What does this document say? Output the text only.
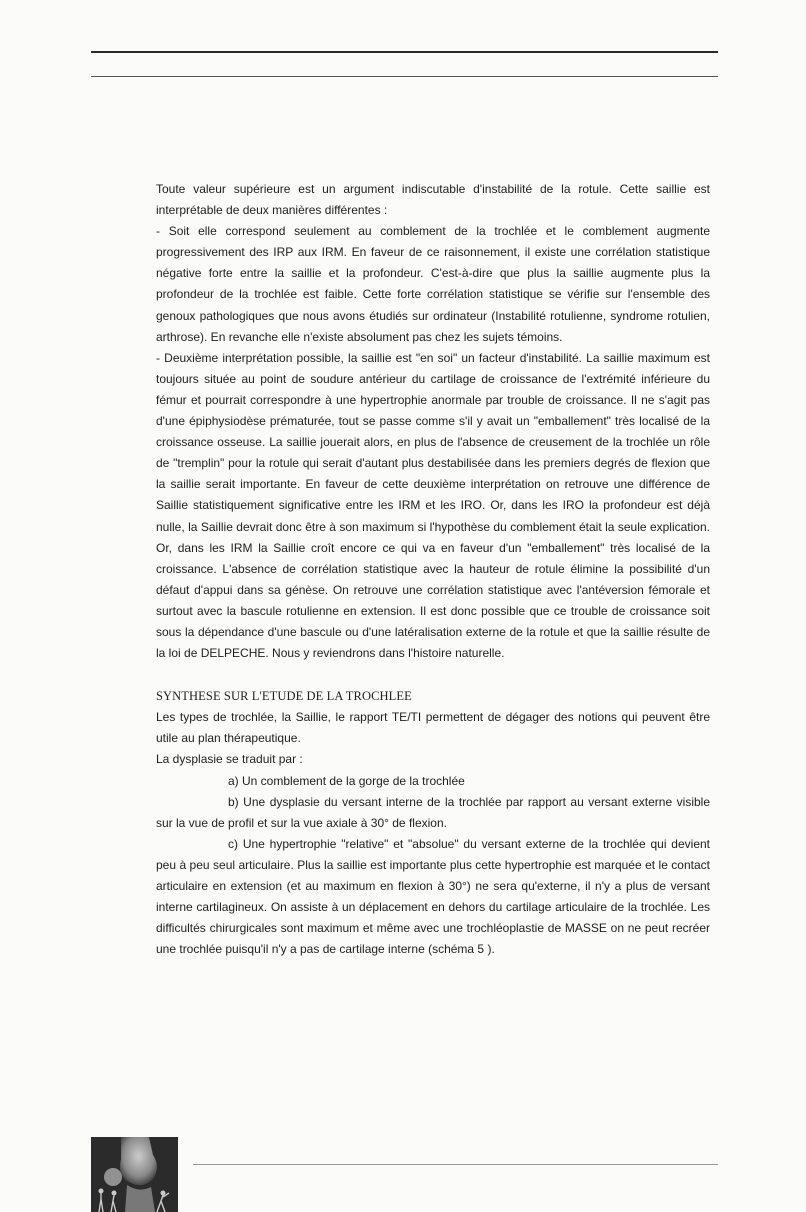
Toute valeur supérieure est un argument indiscutable d'instabilité de la rotule. Cette saillie est interprétable de deux manières différentes :

- Soit elle correspond seulement au comblement de la trochlée et le comblement augmente progressivement des IRP aux IRM. En faveur de ce raisonnement, il existe une corrélation statistique négative forte entre la saillie et la profondeur. C'est-à-dire que plus la saillie augmente plus la profondeur de la trochlée est faible. Cette forte corrélation statistique se vérifie sur l'ensemble des genoux pathologiques que nous avons étudiés sur ordinateur (Instabilité rotulienne, syndrome rotulien, arthrose). En revanche elle n'existe absolument pas chez les sujets témoins.

- Deuxième interprétation possible, la saillie est "en soi" un facteur d'instabilité. La saillie maximum est toujours située au point de soudure antérieur du cartilage de croissance de l'extrémité inférieure du fémur et pourrait correspondre à une hypertrophie anormale par trouble de croissance. Il ne s'agit pas d'une épiphysiodèse prématurée, tout se passe comme s'il y avait un "emballement" très localisé de la croissance osseuse. La saillie jouerait alors, en plus de l'absence de creusement de la trochlée un rôle de "tremplin" pour la rotule qui serait d'autant plus destabilisée dans les premiers degrés de flexion que la saillie serait importante. En faveur de cette deuxième interprétation on retrouve une différence de Saillie statistiquement significative entre les IRM et les IRO. Or, dans les IRO la profondeur est déjà nulle, la Saillie devrait donc être à son maximum si l'hypothèse du comblement était la seule explication. Or, dans les IRM la Saillie croît encore ce qui va en faveur d'un "emballement" très localisé de la croissance. L'absence de corrélation statistique avec la hauteur de rotule élimine la possibilité d'un défaut d'appui dans sa génèse. On retrouve une corrélation statistique avec l'antéversion fémorale et surtout avec la bascule rotulienne en extension. Il est donc possible que ce trouble de croissance soit sous la dépendance d'une bascule ou d'une latéralisation externe de la rotule et que la saillie résulte de la loi de DELPECHE. Nous y reviendrons dans l'histoire naturelle.

SYNTHESE SUR L'ETUDE DE LA TROCHLEE

Les types de trochlée, la Saillie, le rapport TE/TI permettent de dégager des notions qui peuvent être utile au plan thérapeutique.

La dysplasie se traduit par :

a) Un comblement de la gorge de la trochlée

b) Une dysplasie du versant interne de la trochlée par rapport au versant externe visible sur la vue de profil et sur la vue axiale à 30° de flexion.

c) Une hypertrophie "relative" et "absolue" du versant externe de la trochlée qui devient peu à peu seul articulaire. Plus la saillie est importante plus cette hypertrophie est marquée et le contact articulaire en extension (et au maximum en flexion à 30°) ne sera qu'externe, il n'y a plus de versant interne cartilagineux. On assiste à un déplacement en dehors du cartilage articulaire de la trochlée. Les difficultés chirurgicales sont maximum et même avec une trochléoplastie de MASSE on ne peut recréer une trochlée puisqu'il n'y a pas de cartilage interne (schéma 5 ).
